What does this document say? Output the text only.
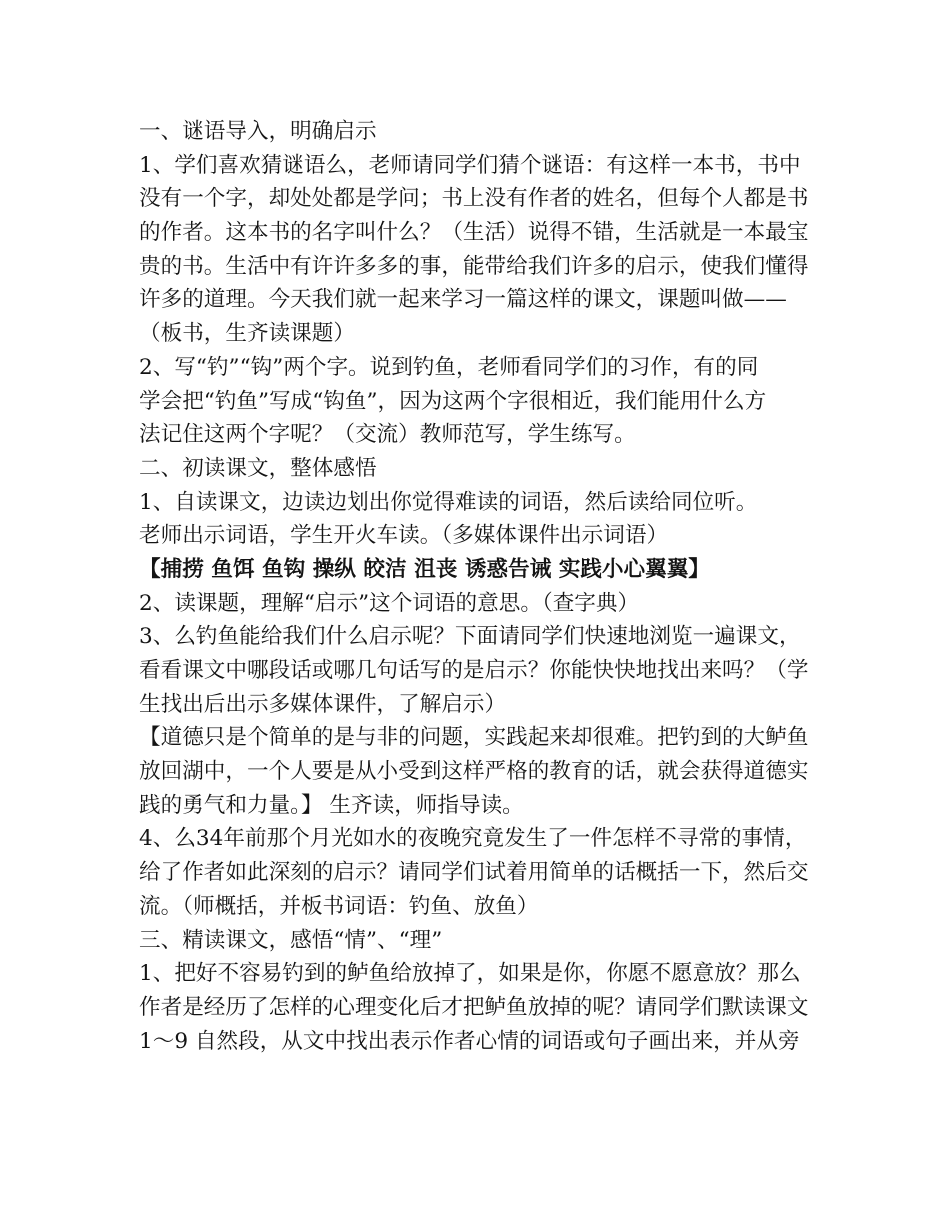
一、谜语导入，明确启示
1、学们喜欢猜谜语么，老师请同学们猜个谜语：有这样一本书，书中
没有一个字，却处处都是学问；书上没有作者的姓名，但每个人都是书
的作者。这本书的名字叫什么？（生活）说得不错，生活就是一本最宝
贵的书。生活中有许许多多的事，能带给我们许多的启示，使我们懂得
许多的道理。今天我们就一起来学习一篇这样的课文，课题叫做——
（板书，生齐读课题）
2、写“钓”“钩”两个字。说到钓鱼，老师看同学们的习作，有的同
学会把“钓鱼”写成“钩鱼”，因为这两个字很相近，我们能用什么方
法记住这两个字呢？（交流）教师范写，学生练写。
二、初读课文，整体感悟
1、自读课文，边读边划出你觉得难读的词语，然后读给同位听。
老师出示词语，学生开火车读。（多媒体课件出示词语）
【捕捞 鱼饵 鱼钩 操纵 皎洁 沮丧 诱惑告诫 实践小心翼翼】
2、读课题，理解“启示”这个词语的意思。（查字典）
3、么钓鱼能给我们什么启示呢？下面请同学们快速地浏览一遍课文，
看看课文中哪段话或哪几句话写的是启示？你能快快地找出来吗？（学
生找出后出示多媒体课件，了解启示）
【道德只是个简单的是与非的问题，实践起来却很难。把钓到的大鲈鱼
放回湖中，一个人要是从小受到这样严格的教育的话，就会获得道德实
践的勇气和力量。】 生齐读，师指导读。
4、么34年前那个月光如水的夜晚究竟发生了一件怎样不寻常的事情，
给了作者如此深刻的启示？请同学们试着用简单的话概括一下，然后交
流。（师概括，并板书词语：钓鱼、放鱼）
三、精读课文，感悟“情”、“理”
1、把好不容易钓到的鲈鱼给放掉了，如果是你，你愿不愿意放？那么
作者是经历了怎样的心理变化后才把鲈鱼放掉的呢？请同学们默读课文
1～9 自然段，从文中找出表示作者心情的词语或句子画出来，并从旁
